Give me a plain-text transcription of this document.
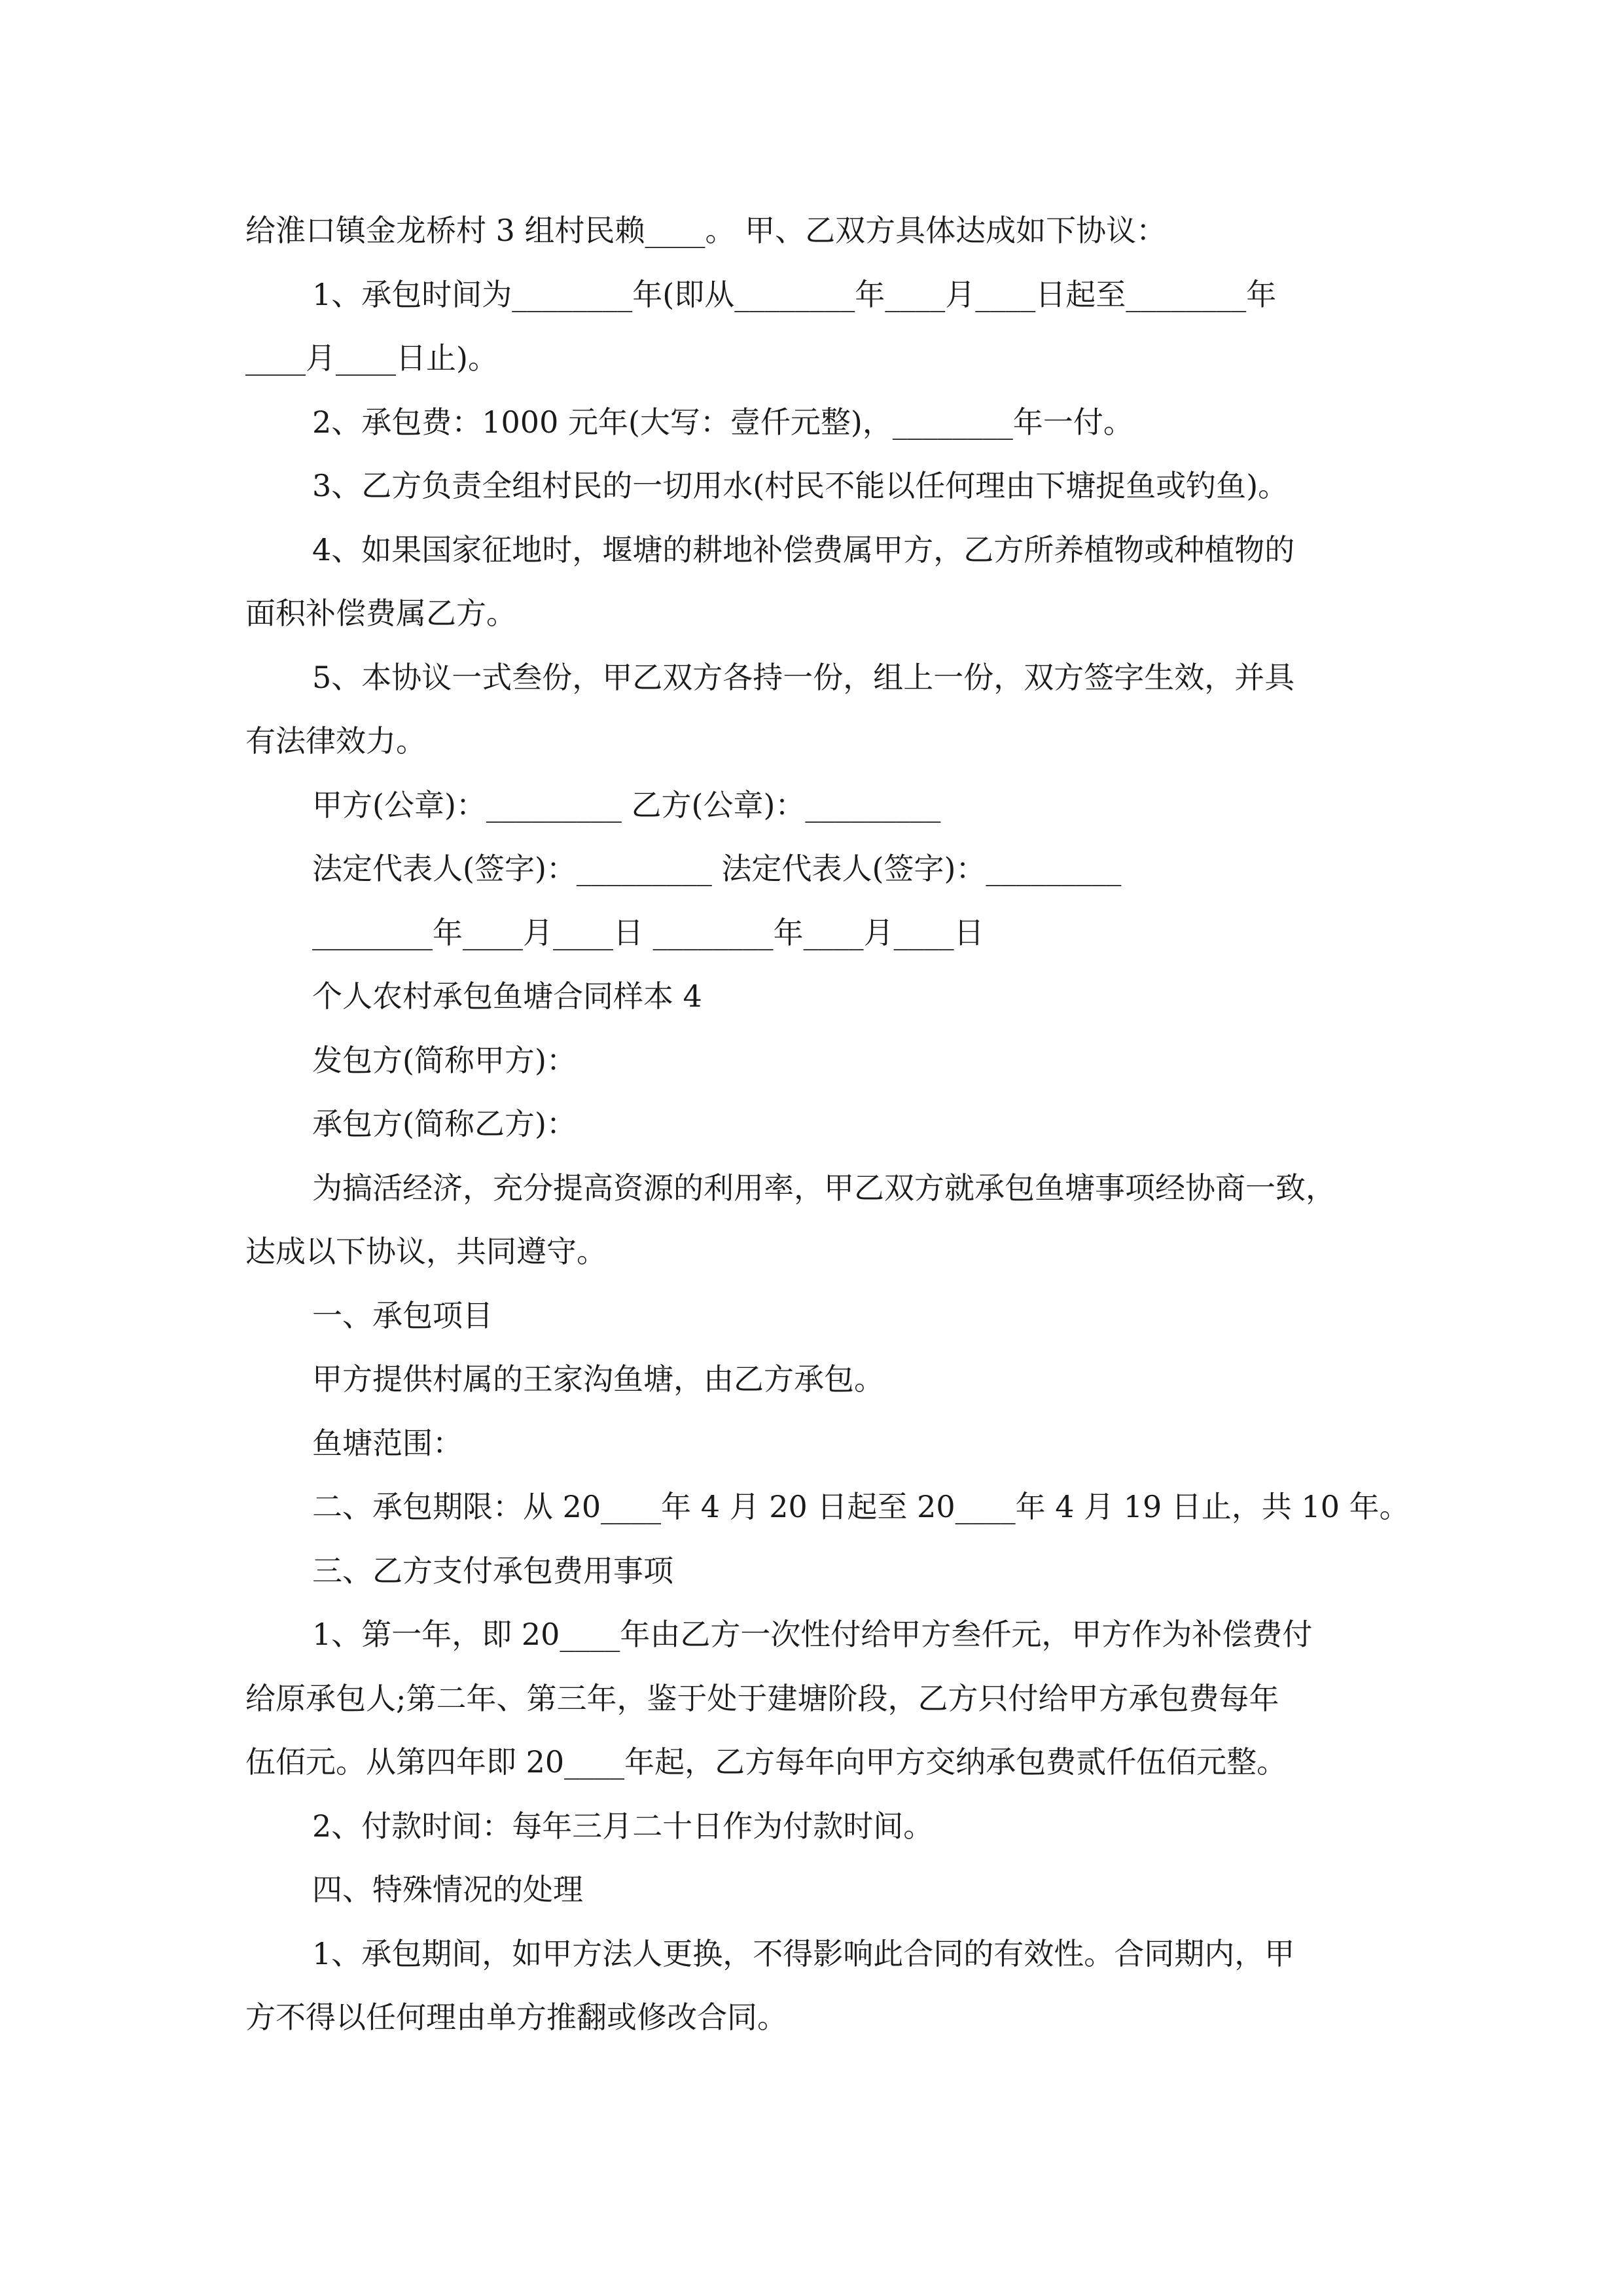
给淮口镇金龙桥村 3 组村民赖____。 甲、乙双方具体达成如下协议：
1、承包时间为________年(即从________年____月____日起至________年
____月____日止)。
2、承包费：1000 元年(大写：壹仟元整)，________年一付。
3、乙方负责全组村民的一切用水(村民不能以任何理由下塘捉鱼或钓鱼)。
4、如果国家征地时，堰塘的耕地补偿费属甲方，乙方所养植物或种植物的
面积补偿费属乙方。
5、本协议一式叁份，甲乙双方各持一份，组上一份，双方签字生效，并具
有法律效力。
甲方(公章)：_________ 乙方(公章)：_________
法定代表人(签字)：_________ 法定代表人(签字)：_________
________年____月____日 ________年____月____日
个人农村承包鱼塘合同样本 4
发包方(简称甲方)：
承包方(简称乙方)：
为搞活经济，充分提高资源的利用率，甲乙双方就承包鱼塘事项经协商一致，
达成以下协议，共同遵守。
一、承包项目
甲方提供村属的王家沟鱼塘，由乙方承包。
鱼塘范围：
二、承包期限：从 20____年 4 月 20 日起至 20____年 4 月 19 日止，共 10 年。
三、乙方支付承包费用事项
1、第一年，即 20____年由乙方一次性付给甲方叁仟元，甲方作为补偿费付
给原承包人;第二年、第三年，鉴于处于建塘阶段，乙方只付给甲方承包费每年
伍佰元。从第四年即 20____年起，乙方每年向甲方交纳承包费贰仟伍佰元整。
2、付款时间：每年三月二十日作为付款时间。
四、特殊情况的处理
1、承包期间，如甲方法人更换，不得影响此合同的有效性。合同期内，甲
方不得以任何理由单方推翻或修改合同。
